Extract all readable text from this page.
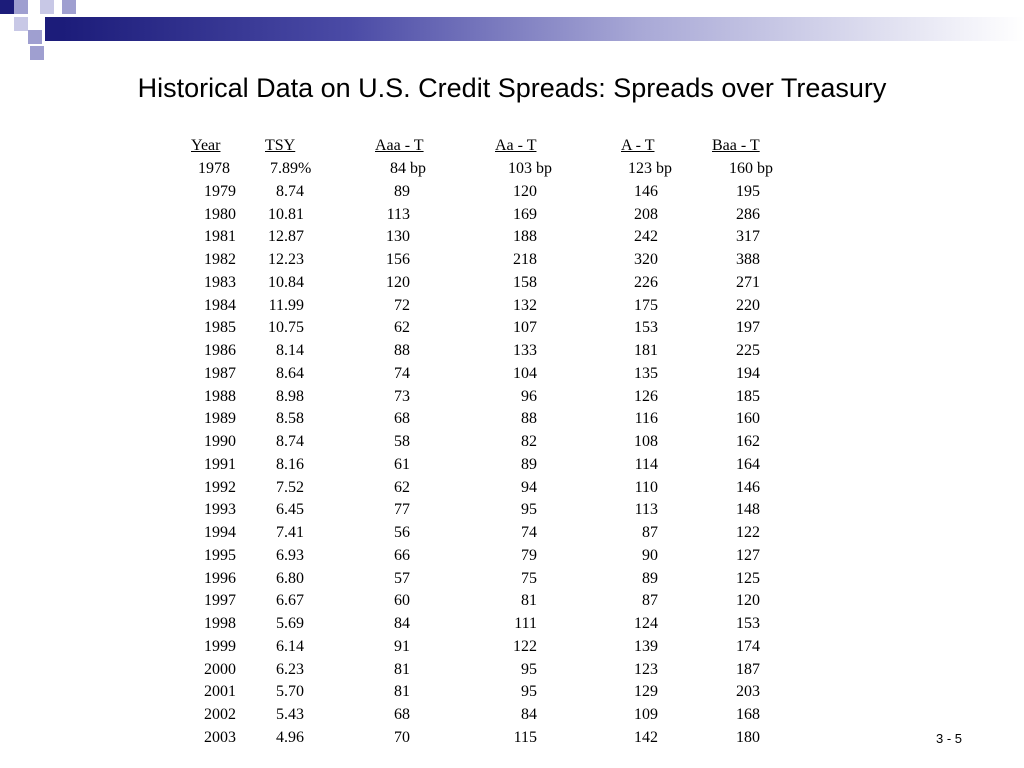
Historical Data on U.S. Credit Spreads: Spreads over Treasury
Year	TSY	Aaa - T	Aa - T	A - T	Baa - T
1978	7.89%	84 bp	103 bp	123 bp	160 bp
1979	8.74	89	120	146	195
1980 10.81	113	169	208	286
1981 12.87	130	188	242	317
1982 12.23	156	218	320	388
1983 10.84	120	158	226	271
1984 11.99	72	132	175	220
1985 10.75	62	107	153	197
1986	8.14	88	133	181	225
1987	8.64	74	104	135	194
1988	8.98	73	96	126	185
1989	8.58	68	88	116	160
1990	8.74	58	82	108	162
1991	8.16	61	89	114	164
1992	7.52	62	94	110	146
1993	6.45	77	95	113	148
1994	7.41	56	74	87	122
1995	6.93	66	79	90	127
1996	6.80	57	75	89	125
1997	6.67	60	81	87	120
1998	5.69	84	111	124	153
1999	6.14	91	122	139	174
2000	6.23	81	95	123	187
2001	5.70	81	95	129	203
2002	5.43	68	84	109	168
2003	4.96	70	115	142	180	3 - 5
